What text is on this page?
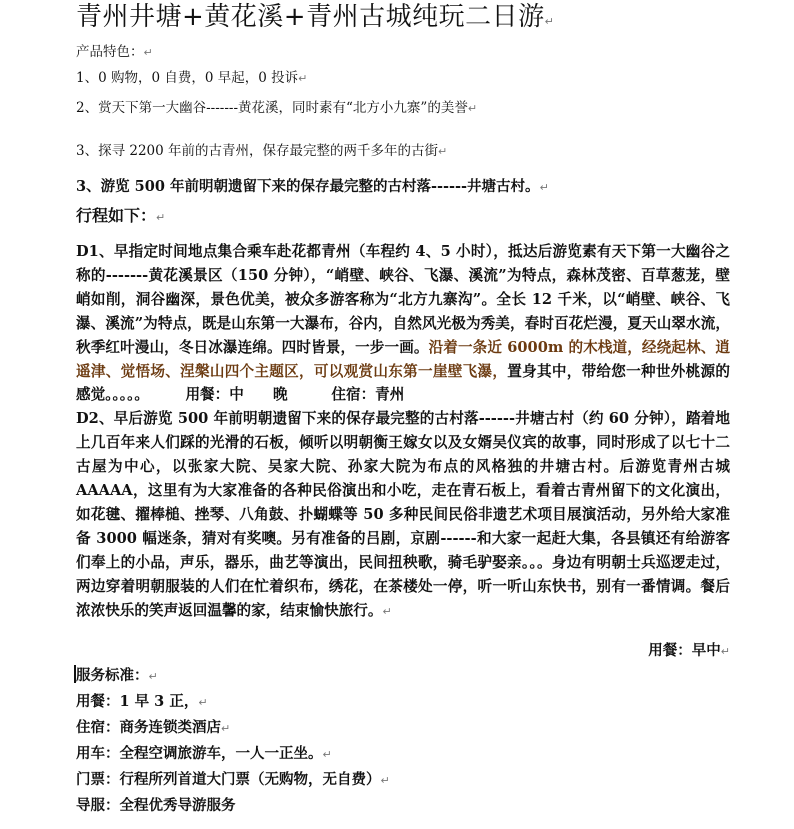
青州井塘+黄花溪+青州古城纯玩二日游↵
产品特色：↵
1、0 购物，0 自费，0 早起，0 投诉↵
2、赏天下第一大幽谷-------黄花溪，同时素有“北方小九寨”的美誉↵
3、探寻 2200 年前的古青州，保存最完整的两千多年的古街↵
3、游览 500 年前明朝遗留下来的保存最完整的古村落------井塘古村。↵
行程如下：↵

D1、早指定时间地点集合乘车赴花都青州（车程约 4、5 小时），抵达后游览素有天下第一大幽谷之称的-------黄花溪景区（150 分钟），“峭壁、峡谷、飞瀑、溪流”为特点，森林茂密、百草葱茏，壁峭如削，洞谷幽深，景色优美，被众多游客称为“北方九寨沟”。全长 12 千米，以“峭壁、峡谷、飞瀑、溪流”为特点，既是山东第一大瀑布，谷内，自然风光极为秀美，春时百花烂漫，夏天山翠水流，秋季红叶漫山，冬日冰瀑连绵。四时皆景，一步一画。沿着一条近 6000m 的木栈道，经绕起林、逍遥津、觉悟场、涅槃山四个主题区，可以观赏山东第一崖壁飞瀑，置身其中，带给您一种世外桃源的感觉。。。。。　　　用餐：中　　晚　　　住宿：青州

D2、早后游览 500 年前明朝遗留下来的保存最完整的古村落------井塘古村（约 60 分钟），踏着地上几百年来人们踩的光滑的石板，倾听以明朝衡王嫁女以及女婿吴仪宾的故事，同时形成了以七十二古屋为中心，以张家大院、吴家大院、孙家大院为布点的风格独的井塘古村。后游览青州古城 AAAAA，这里有为大家准备的各种民俗演出和小吃，走在青石板上，看着古青州留下的文化演出，如花毽、擢棒槌、挫琴、八角鼓、扑蝴蝶等 50 多种民间民俗非遗艺术项目展演活动，另外给大家准备 3000 幅迷条，猜对有奖噢。另有准备的吕剧，京剧------和大家一起赶大集，各县镇还有给游客们奉上的小品，声乐，器乐，曲艺等演出，民间扭秧歌，骑毛驴娶亲。。。身边有明朝士兵巡逻走过，两边穿着明朝服装的人们在忙着织布，绣花，在茶楼处一停，听一听山东快书，别有一番情调。餐后浓浓快乐的笑声返回温馨的家，结束愉快旅行。↵

用餐：早中↵
服务标准：↵
用餐：1 早 3 正，↵
住宿：商务连锁类酒店↵
用车：全程空调旅游车，一人一正坐。↵
门票：行程所列首道大门票（无购物，无自费）↵
导服：全程优秀导游服务
